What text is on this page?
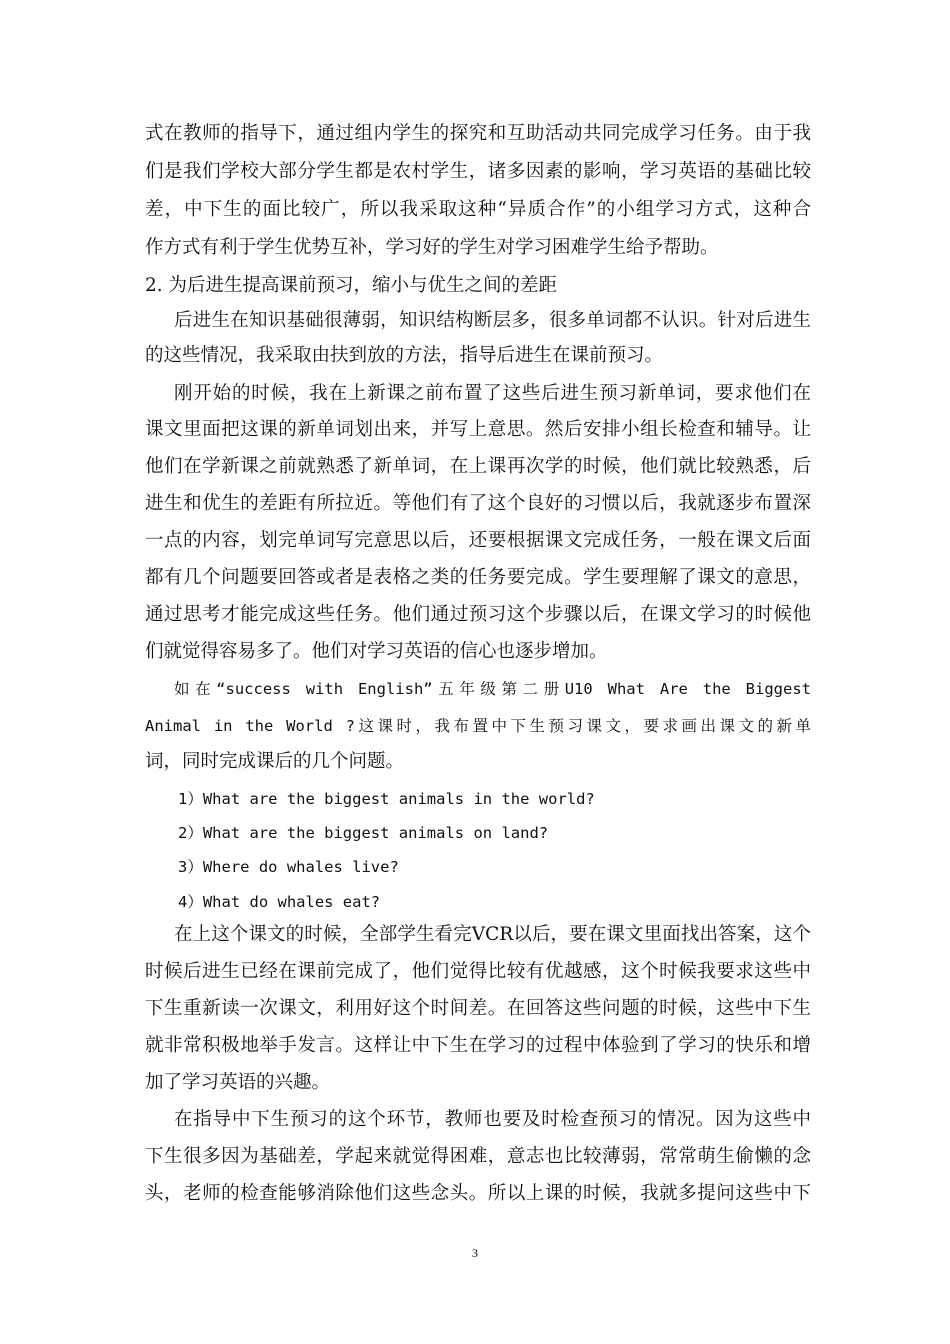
式在教师的指导下，通过组内学生的探究和互助活动共同完成学习任务。由于我
们是我们学校大部分学生都是农村学生，诸多因素的影响，学习英语的基础比较
差，中下生的面比较广，所以我采取这种“异质合作”的小组学习方式，这种合
作方式有利于学生优势互补，学习好的学生对学习困难学生给予帮助。
2. 为后进生提高课前预习，缩小与优生之间的差距
后进生在知识基础很薄弱，知识结构断层多，很多单词都不认识。针对后进生
的这些情况，我采取由扶到放的方法，指导后进生在课前预习。
刚开始的时候，我在上新课之前布置了这些后进生预习新单词，要求他们在
课文里面把这课的新单词划出来，并写上意思。然后安排小组长检查和辅导。让
他们在学新课之前就熟悉了新单词，在上课再次学的时候，他们就比较熟悉，后
进生和优生的差距有所拉近。等他们有了这个良好的习惯以后，我就逐步布置深
一点的内容，划完单词写完意思以后，还要根据课文完成任务，一般在课文后面
都有几个问题要回答或者是表格之类的任务要完成。学生要理解了课文的意思，
通过思考才能完成这些任务。他们通过预习这个步骤以后，在课文学习的时候他
们就觉得容易多了。他们对学习英语的信心也逐步增加。
如在“success with English”五年级第二册U10 What Are the Biggest
Animal in the World ?这课时，我布置中下生预习课文，要求画出课文的新单
词，同时完成课后的几个问题。
1）What are the biggest animals in the world?
2）What are the biggest animals on land?
3）Where do whales live?
4）What do whales eat?
在上这个课文的时候，全部学生看完VCR以后，要在课文里面找出答案，这个
时候后进生已经在课前完成了，他们觉得比较有优越感，这个时候我要求这些中
下生重新读一次课文，利用好这个时间差。在回答这些问题的时候，这些中下生
就非常积极地举手发言。这样让中下生在学习的过程中体验到了学习的快乐和增
加了学习英语的兴趣。
在指导中下生预习的这个环节，教师也要及时检查预习的情况。因为这些中
下生很多因为基础差，学起来就觉得困难，意志也比较薄弱，常常萌生偷懒的念
头，老师的检查能够消除他们这些念头。所以上课的时候，我就多提问这些中下
3
